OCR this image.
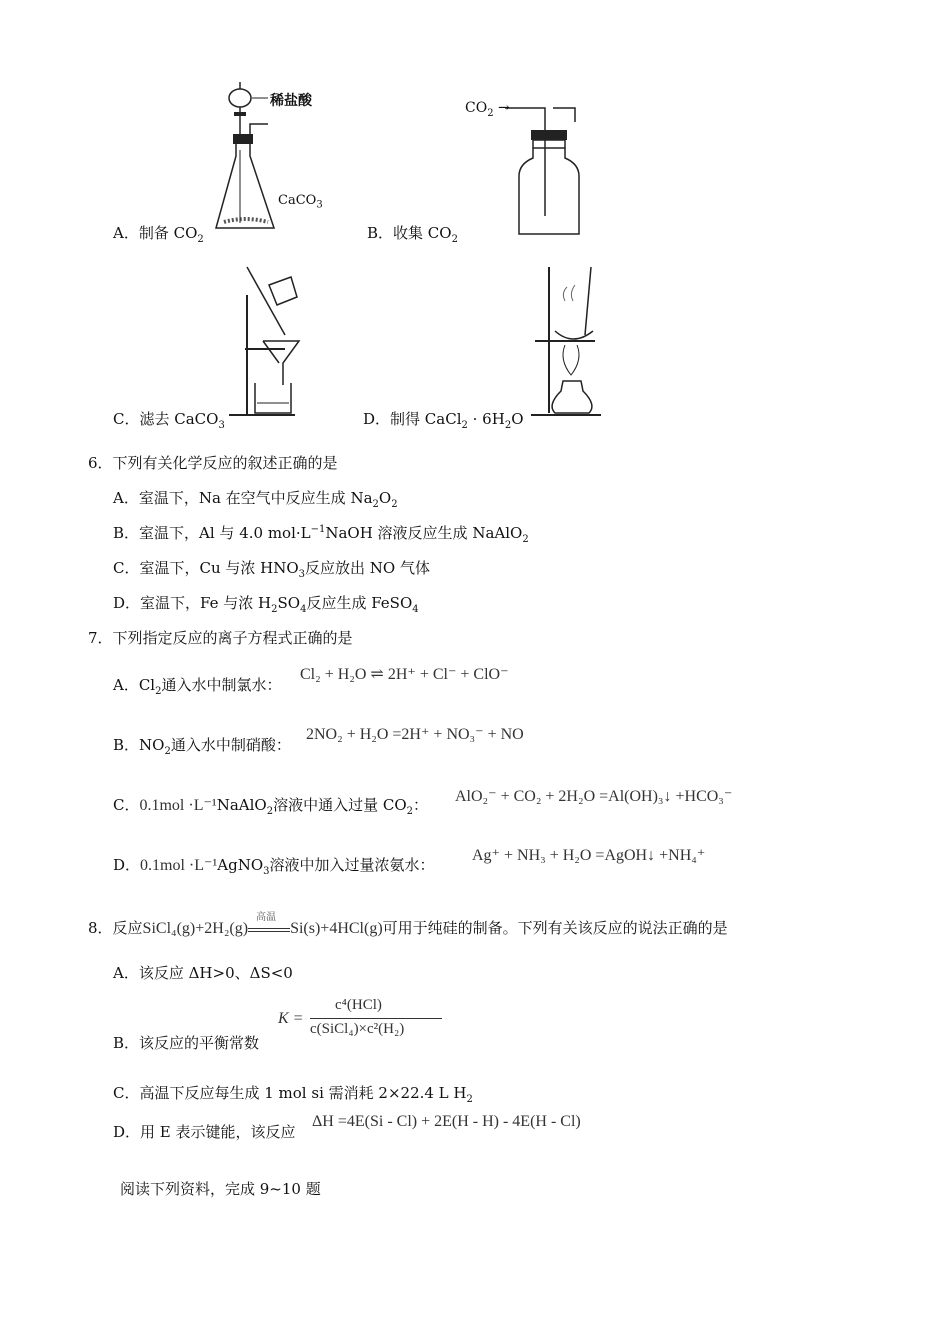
稀盐酸
CaCO$_3$
A．制备 $CO_2$
$CO_2$ →
B．收集 $CO_2$
C．滤去 CaCO$_3$	D．制得 CaCl$_2$ · $6H_2O$
6．下列有关化学反应的叙述正确的是
A．室温下，Na 在空气中反应生成 $Na_2O_2$
B．室温下，Al 与 4.0 $mol\cdot L^{-1}NaOH$ 溶液反应生成 NaAlO$_2$
C．室温下，Cu 与浓 $HNO_3$反应放出 NO 气体
D．室温下，Fe 与浓 $H_2SO_4$反应生成 FeSO$_4$
7．下列指定反应的离子方程式正确的是
A．$Cl_2$通入水中制氯水：
Cl₂ + H₂O ⇌ 2H⁺ + Cl⁻ + ClO⁻
B．$NO_2$通入水中制硝酸：
2NO₂ + H₂O =2H⁺ + NO₃⁻ + NO
C．0.1mol ·L⁻¹NaAlO$_2$溶液中通入过量 $CO_2$： AlO₂⁻ + CO₂ + 2H₂O =Al(OH)₃↓ +HCO₃⁻
D．0.1mol ·L⁻¹AgNO$_3$溶液中加入过量浓氨水：
Ag⁺ + NH₃ + H₂O =AgOH↓ +NH₄⁺
8．反应SiCl₄(g)+2H₂(g)
高温
Si(s)+4HCl(g)可用于纯硅的制备。下列有关该反应的说法正确的是
A．该反应 ΔH>0、ΔS<0
B．该反应的平衡常数
K =
c⁴(HCl)
c(SiCl₄)×c²(H₂)
C．高温下反应每生成 1 mol si 需消耗 2×22.4 L $H_2$
D．用 E 表示键能，该反应
ΔH =4E(Si - Cl) + 2E(H - H) - 4E(H - Cl)
阅读下列资料，完成 9~10 题
